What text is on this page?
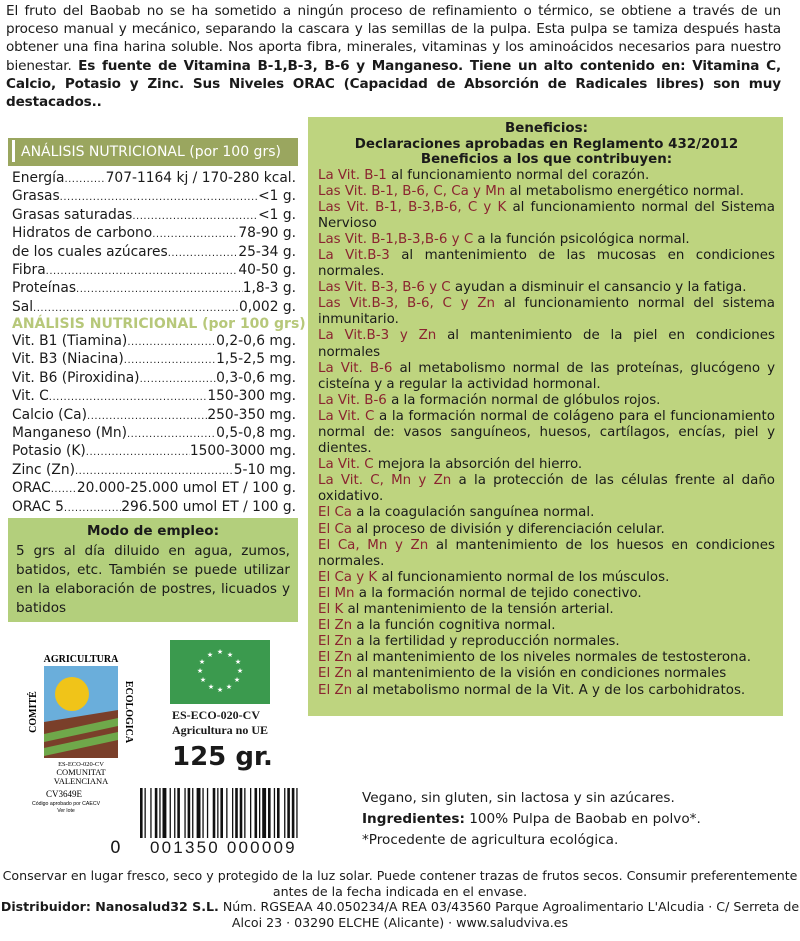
El fruto del Baobab no se ha sometido a ningún proceso de refinamiento o térmico, se obtiene a través de un proceso manual y mecánico, separando la cascara y las semillas de la pulpa. Esta pulpa se tamiza después hasta obtener una fina harina soluble. Nos aporta fibra, minerales, vitaminas y los aminoácidos necesarios para nuestro bienestar. Es fuente de Vitamina B-1,B-3, B-6 y Manganeso. Tiene un alto contenido en: Vitamina C, Calcio, Potasio y Zinc. Sus Niveles ORAC (Capacidad de Absorción de Radicales libres) son muy destacados..
ANÁLISIS NUTRICIONAL (por 100 grs)
Energía .....	707-1164 kj / 170-280 kcal.
Grasas .....	<1 g.
Grasas saturadas .....	<1 g.
Hidratos de carbono .....	78-90 g.
de los cuales azúcares .....	25-34 g.
Fibra .....	40-50 g.
Proteínas .....	1,8-3 g.
Sal .....	0,002 g.
ANÁLISIS NUTRICIONAL (por 100 grs)
Vit. B1 (Tiamina) .....	0,2-0,6 mg.
Vit. B3 (Niacina) .....	1,5-2,5 mg.
Vit. B6 (Piroxidina) .....	0,3-0,6 mg.
Vit. C .....	150-300 mg.
Calcio (Ca) .....	250-350 mg.
Manganeso (Mn) .....	0,5-0,8 mg.
Potasio (K) .....	1500-3000 mg.
Zinc (Zn) .....	5-10 mg.
ORAC ..... 20.000-25.000 umol ET / 100 g.
ORAC 5 .....	296.500 umol ET / 100 g.
Modo de empleo:

5 grs al día diluido en agua, zumos, batidos, etc. También se puede utilizar en la elaboración de postres, licuados y batidos

Beneficios:
Declaraciones aprobadas en Reglamento 432/2012
Beneficios a los que contribuyen:
La Vit. B-1 al funcionamiento normal del corazón.
Las Vit. B-1, B-6, C, Ca y Mn al metabolismo energético normal.
Las Vit. B-1, B-3,B-6, C y K al funcionamiento normal del Sistema Nervioso
Las Vit. B-1,B-3,B-6 y C a la función psicológica normal.
La Vit.B-3 al mantenimiento de las mucosas en condiciones normales.
Las Vit. B-3, B-6 y C ayudan a disminuir el cansancio y la fatiga.
Las Vit.B-3, B-6, C y Zn al funcionamiento normal del sistema inmunitario.
La Vit.B-3 y Zn al mantenimiento de la piel en condiciones normales
La Vit. B-6 al metabolismo normal de las proteínas, glucógeno y cisteína y a regular la actividad hormonal.
La Vit. B-6 a la formación normal de glóbulos rojos.
La Vit. C a la formación normal de colágeno para el funcionamiento normal de: vasos sanguíneos, huesos, cartílagos, encías, piel y dientes.
La Vit. C mejora la absorción del hierro.
La Vit. C, Mn y Zn a la protección de las células frente al daño oxidativo.
El Ca a la coagulación sanguínea normal.
El Ca al proceso de división y diferenciación celular.
El Ca, Mn y Zn al mantenimiento de los huesos en condiciones normales.
El Ca y K al funcionamiento normal de los músculos.
El Mn a la formación normal de tejido conectivo.
El K al mantenimiento de la tensión arterial.
El Zn a la función cognitiva normal.
El Zn a la fertilidad y reproducción normales.
El Zn al mantenimiento de los niveles normales de testosterona.
El Zn al mantenimiento de la visión en condiciones normales
El Zn al metabolismo normal de la Vit. A y de los carbohidratos.
AGRICULTURA
COMITÉ	ECOLÓGICA
ES-ECO-020-CV
COMUNITAT
VALENCIANA
CV3649E
Código aprobado por CAECV
Ver lote
★ ★
★
★
★
★
★
★
★
★
★
★
ES-ECO-020-CV
Agricultura no UE
125 gr.
0 001350 000009
Vegano, sin gluten, sin lactosa y sin azúcares.
Ingredientes: 100% Pulpa de Baobab en polvo*.
*Procedente de agricultura ecológica.
Conservar en lugar fresco, seco y protegido de la luz solar. Puede contener trazas de frutos secos. Consumir preferentemente antes de la fecha indicada en el envase.
Distribuidor: Nanosalud32 S.L. Núm. RGSEAA 40.050234/A REA 03/43560 Parque Agroalimentario L'Alcudia · C/ Serreta de Alcoi 23 · 03290 ELCHE (Alicante) · www.saludviva.es
